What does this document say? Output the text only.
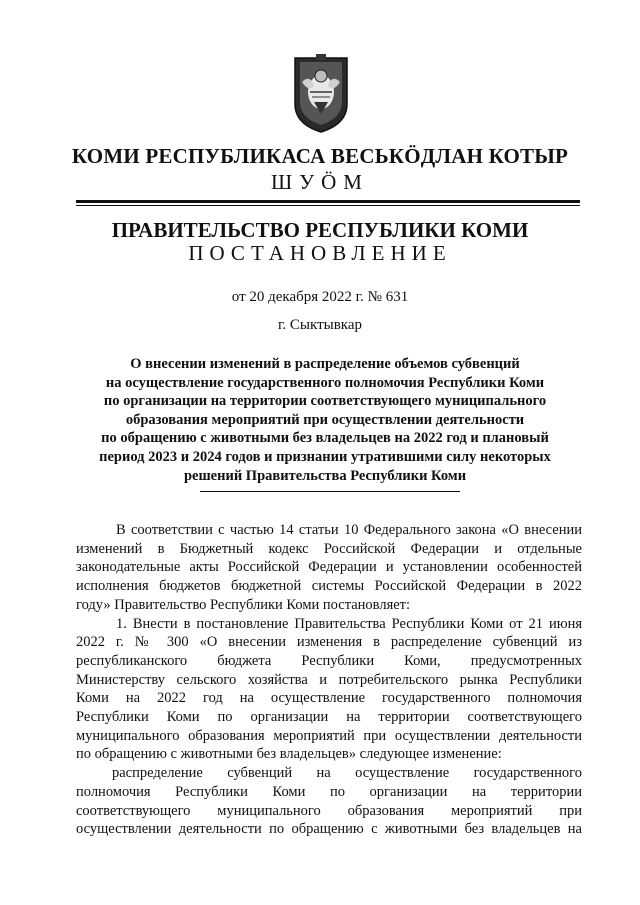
КОМИ РЕСПУБЛИКАСА ВЕСЬКÖДЛАН КОТЫР
ШУÖМ
ПРАВИТЕЛЬСТВО РЕСПУБЛИКИ КОМИ
ПОСТАНОВЛЕНИЕ
от 20 декабря 2022 г. № 631
г. Сыктывкар
О внесении изменений в распределение объемов субвенций
на осуществление государственного полномочия Республики Коми
по организации на территории соответствующего муниципального
образования мероприятий при осуществлении деятельности
по обращению с животными без владельцев на 2022 год и плановый
период 2023 и 2024 годов и признании утратившими силу некоторых
решений Правительства Республики Коми
В соответствии с частью 14 статьи 10 Федерального закона «О внесении
изменений в Бюджетный кодекс Российской Федерации и отдельные
законодательные акты Российской Федерации и установлении особенностей
исполнения бюджетов бюджетной системы Российской Федерации в 2022
году» Правительство Республики Коми постановляет:
1. Внести в постановление Правительства Республики Коми от 21 июня
2022 г. № 300 «О внесении изменения в распределение субвенций из
республиканского бюджета Республики Коми, предусмотренных
Министерству сельского хозяйства и потребительского рынка Республики
Коми на 2022 год на осуществление государственного полномочия
Республики Коми по организации на территории соответствующего
муниципального образования мероприятий при осуществлении деятельности
по обращению с животными без владельцев» следующее изменение:
распределение субвенций на осуществление государственного
полномочия Республики Коми по организации на территории
соответствующего муниципального образования мероприятий при
осуществлении деятельности по обращению с животными без владельцев на
